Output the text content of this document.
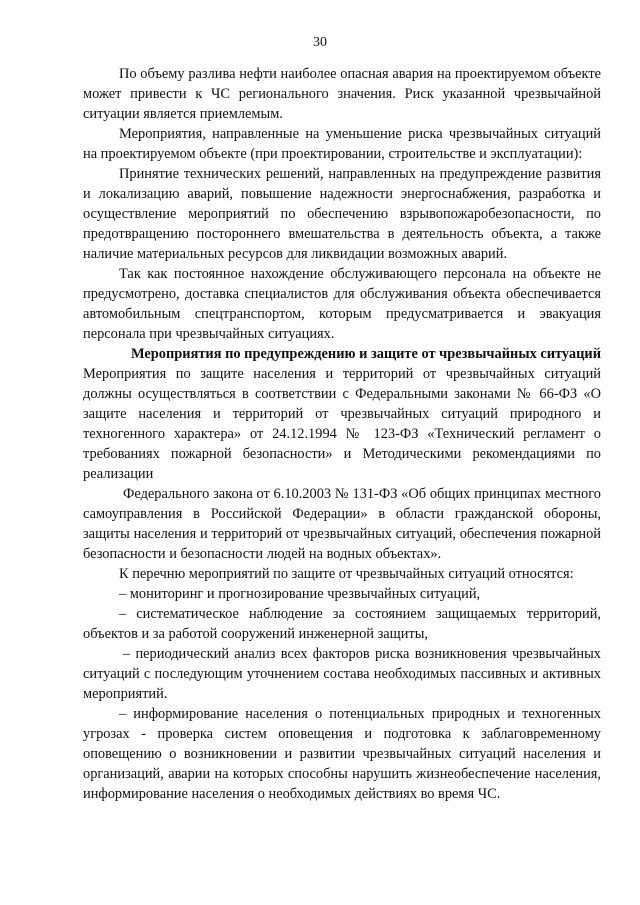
30

По объему разлива нефти наиболее опасная авария на проектируемом объекте может привести к ЧС регионального значения. Риск указанной чрезвычайной ситуации является приемлемым.

Мероприятия, направленные на уменьшение риска чрезвычайных ситуаций на проектируемом объекте (при проектировании, строительстве и эксплуатации):

Принятие технических решений, направленных на предупреждение развития и локализацию аварий, повышение надежности энергоснабжения, разработка и осуществление мероприятий по обеспечению взрывопожаробезопасности, по предотвращению постороннего вмешательства в деятельность объекта, а также наличие материальных ресурсов для ликвидации возможных аварий.

Так как постоянное нахождение обслуживающего персонала на объекте не предусмотрено, доставка специалистов для обслуживания объекта обеспечивается автомобильным спецтранспортом, которым предусматривается и эвакуация персонала при чрезвычайных ситуациях.

Мероприятия по предупреждению и защите от чрезвычайных ситуаций

Мероприятия по защите населения и территорий от чрезвычайных ситуаций должны осуществляться в соответствии с Федеральными законами № 66-ФЗ «О защите населения и территорий от чрезвычайных ситуаций природного и техногенного характера» от 24.12.1994 № 123-ФЗ «Технический регламент о требованиях пожарной безопасности» и Методическими рекомендациями по реализации

Федерального закона от 6.10.2003 № 131-ФЗ «Об общих принципах местного самоуправления в Российской Федерации» в области гражданской обороны, защиты населения и территорий от чрезвычайных ситуаций, обеспечения пожарной безопасности и безопасности людей на водных объектах».

К перечню мероприятий по защите от чрезвычайных ситуаций относятся:

– мониторинг и прогнозирование чрезвычайных ситуаций,

– систематическое наблюдение за состоянием защищаемых территорий, объектов и за работой сооружений инженерной защиты,

– периодический анализ всех факторов риска возникновения чрезвычайных ситуаций с последующим уточнением состава необходимых пассивных и активных мероприятий.

– информирование населения о потенциальных природных и техногенных угрозах - проверка систем оповещения и подготовка к заблаговременному оповещению о возникновении и развитии чрезвычайных ситуаций населения и организаций, аварии на которых способны нарушить жизнеобеспечение населения, информирование населения о необходимых действиях во время ЧС.
